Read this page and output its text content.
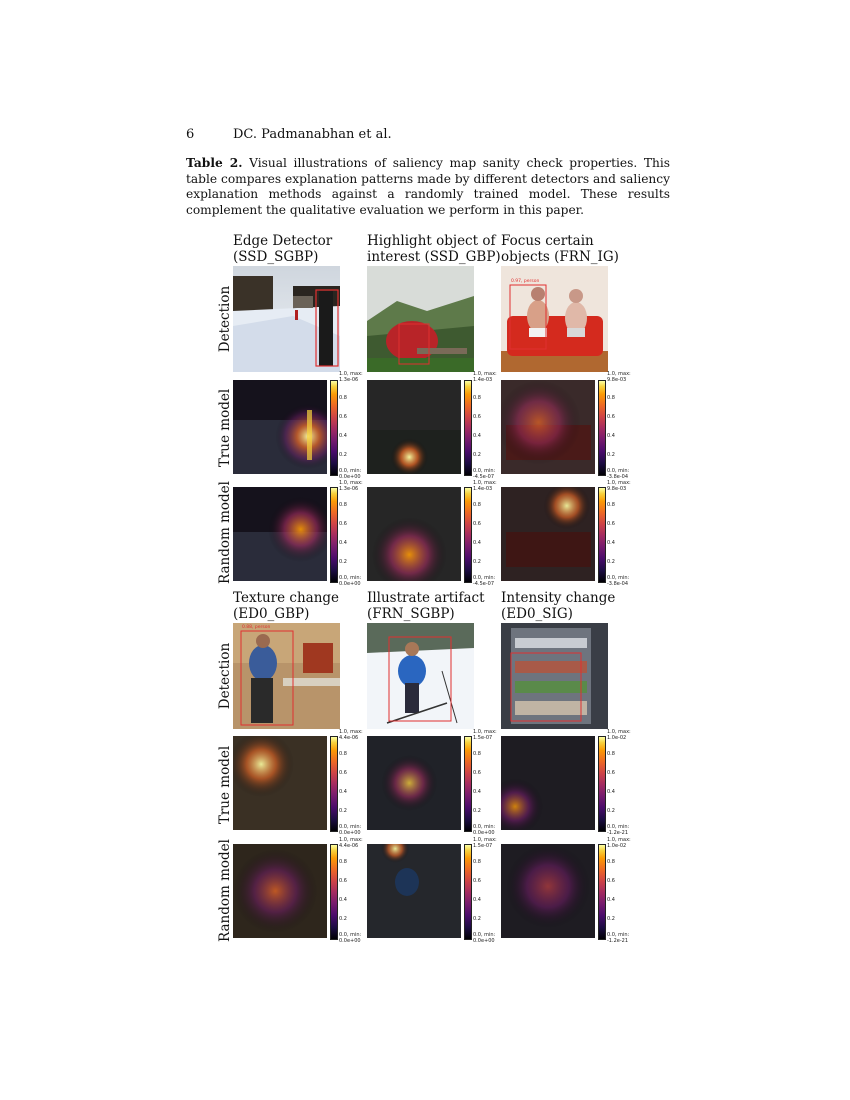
6	DC. Padmanabhan et al.
Table 2. Visual illustrations of saliency map sanity check properties. This table compares explanation patterns made by different detectors and saliency explanation methods against a randomly trained model. These results complement the qualitative evaluation we perform in this paper.
Edge Detector
(SSD_SGBP)
Highlight object of
interest (SSD_GBP)
Focus certain
objects (FRN_IG)
Detection
True model
Random model
0.97, person
1.0, max:
1.3e-06
0.8
0.6
0.4
0.2
0.0, min:
0.0e+00
1.0, max:
1.4e-03
0.8
0.6
0.4
0.2
0.0, min:
-4.5e-07
1.0, max:
9.8e-03
0.8
0.6
0.4
0.2
0.0, min:
-3.8e-04
1.0, max:
1.3e-06
0.8
0.6
0.4
0.2
0.0, min:
0.0e+00
1.0, max:
1.4e-03
0.8
0.6
0.4
0.2
0.0, min:
-4.5e-07
1.0, max:
9.8e-03
0.8
0.6
0.4
0.2
0.0, min:
-3.8e-04
Texture change
(ED0_GBP)
Illustrate artifact
(FRN_SGBP)
Intensity change
(ED0_SIG)
Detection
True model
Random model
0.88, person
1.0, max:
4.4e-06
0.8
0.6
0.4
0.2
0.0, min:
0.0e+00
1.0, max:
1.5e-07
0.8
0.6
0.4
0.2
0.0, min:
0.0e+00
1.0, max:
1.0e-02
0.8
0.6
0.4
0.2
0.0, min:
-1.2e-21
1.0, max:
4.4e-06
0.8
0.6
0.4
0.2
0.0, min:
0.0e+00
1.0, max:
1.5e-07
0.8
0.6
0.4
0.2
0.0, min:
0.0e+00
1.0, max:
1.0e-02
0.8
0.6
0.4
0.2
0.0, min:
-1.2e-21
